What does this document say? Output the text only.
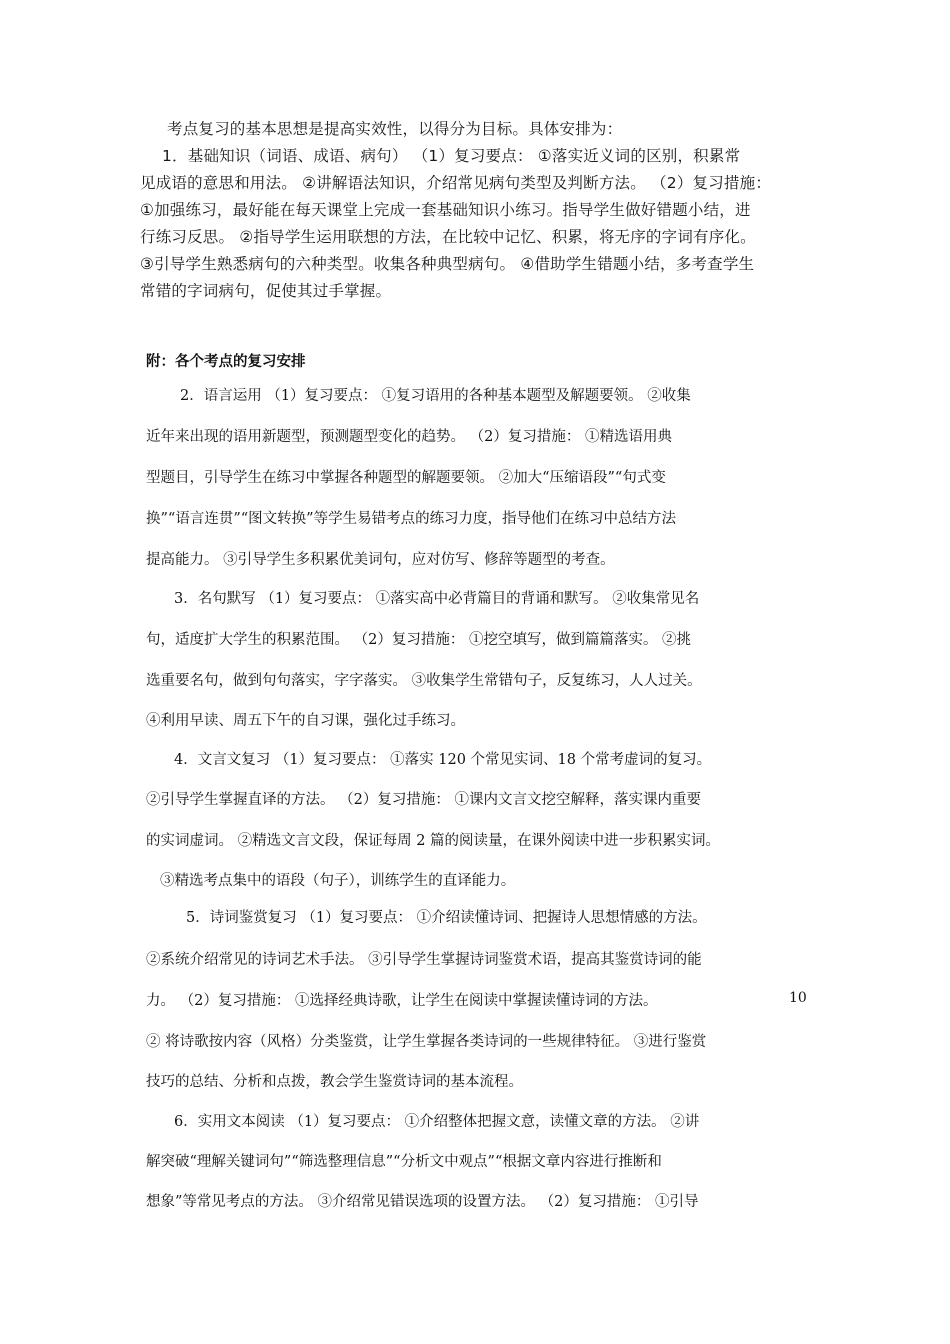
考点复习的基本思想是提高实效性，以得分为目标。具体安排为：

1．基础知识（词语、成语、病句） （1）复习要点： ①落实近义词的区别，积累常

见成语的意思和用法。 ②讲解语法知识，介绍常见病句类型及判断方法。 （2）复习措施：

①加强练习，最好能在每天课堂上完成一套基础知识小练习。指导学生做好错题小结，进

行练习反思。 ②指导学生运用联想的方法，在比较中记忆、积累，将无序的字词有序化。

③引导学生熟悉病句的六种类型。收集各种典型病句。 ④借助学生错题小结，多考查学生

常错的字词病句，促使其过手掌握。

附：各个考点的复习安排
2．语言运用 （1）复习要点： ①复习语用的各种基本题型及解题要领。 ②收集
近年来出现的语用新题型，预测题型变化的趋势。 （2）复习措施： ①精选语用典
型题目，引导学生在练习中掌握各种题型的解题要领。 ②加大“压缩语段”“句式变
换”“语言连贯”“图文转换”等学生易错考点的练习力度，指导他们在练习中总结方法
提高能力。 ③引导学生多积累优美词句，应对仿写、修辞等题型的考查。
3．名句默写 （1）复习要点： ①落实高中必背篇目的背诵和默写。 ②收集常见名
句，适度扩大学生的积累范围。 （2）复习措施： ①挖空填写，做到篇篇落实。 ②挑
选重要名句，做到句句落实，字字落实。 ③收集学生常错句子，反复练习，人人过关。
④利用早读、周五下午的自习课，强化过手练习。
4．文言文复习 （1）复习要点： ①落实 120 个常见实词、18 个常考虚词的复习。
②引导学生掌握直译的方法。 （2）复习措施： ①课内文言文挖空解释，落实课内重要
的实词虚词。 ②精选文言文段，保证每周 2 篇的阅读量，在课外阅读中进一步积累实词。
③精选考点集中的语段（句子），训练学生的直译能力。
5．诗词鉴赏复习 （1）复习要点： ①介绍读懂诗词、把握诗人思想情感的方法。
②系统介绍常见的诗词艺术手法。 ③引导学生掌握诗词鉴赏术语，提高其鉴赏诗词的能
力。 （2）复习措施： ①选择经典诗歌，让学生在阅读中掌握读懂诗词的方法。
② 将诗歌按内容（风格）分类鉴赏，让学生掌握各类诗词的一些规律特征。 ③进行鉴赏
技巧的总结、分析和点拨，教会学生鉴赏诗词的基本流程。
6．实用文本阅读 （1）复习要点： ①介绍整体把握文意，读懂文章的方法。 ②讲
解突破“理解关键词句”“筛选整理信息”“分析文中观点”“根据文章内容进行推断和
想象”等常见考点的方法。 ③介绍常见错误选项的设置方法。 （2）复习措施： ①引导
10
